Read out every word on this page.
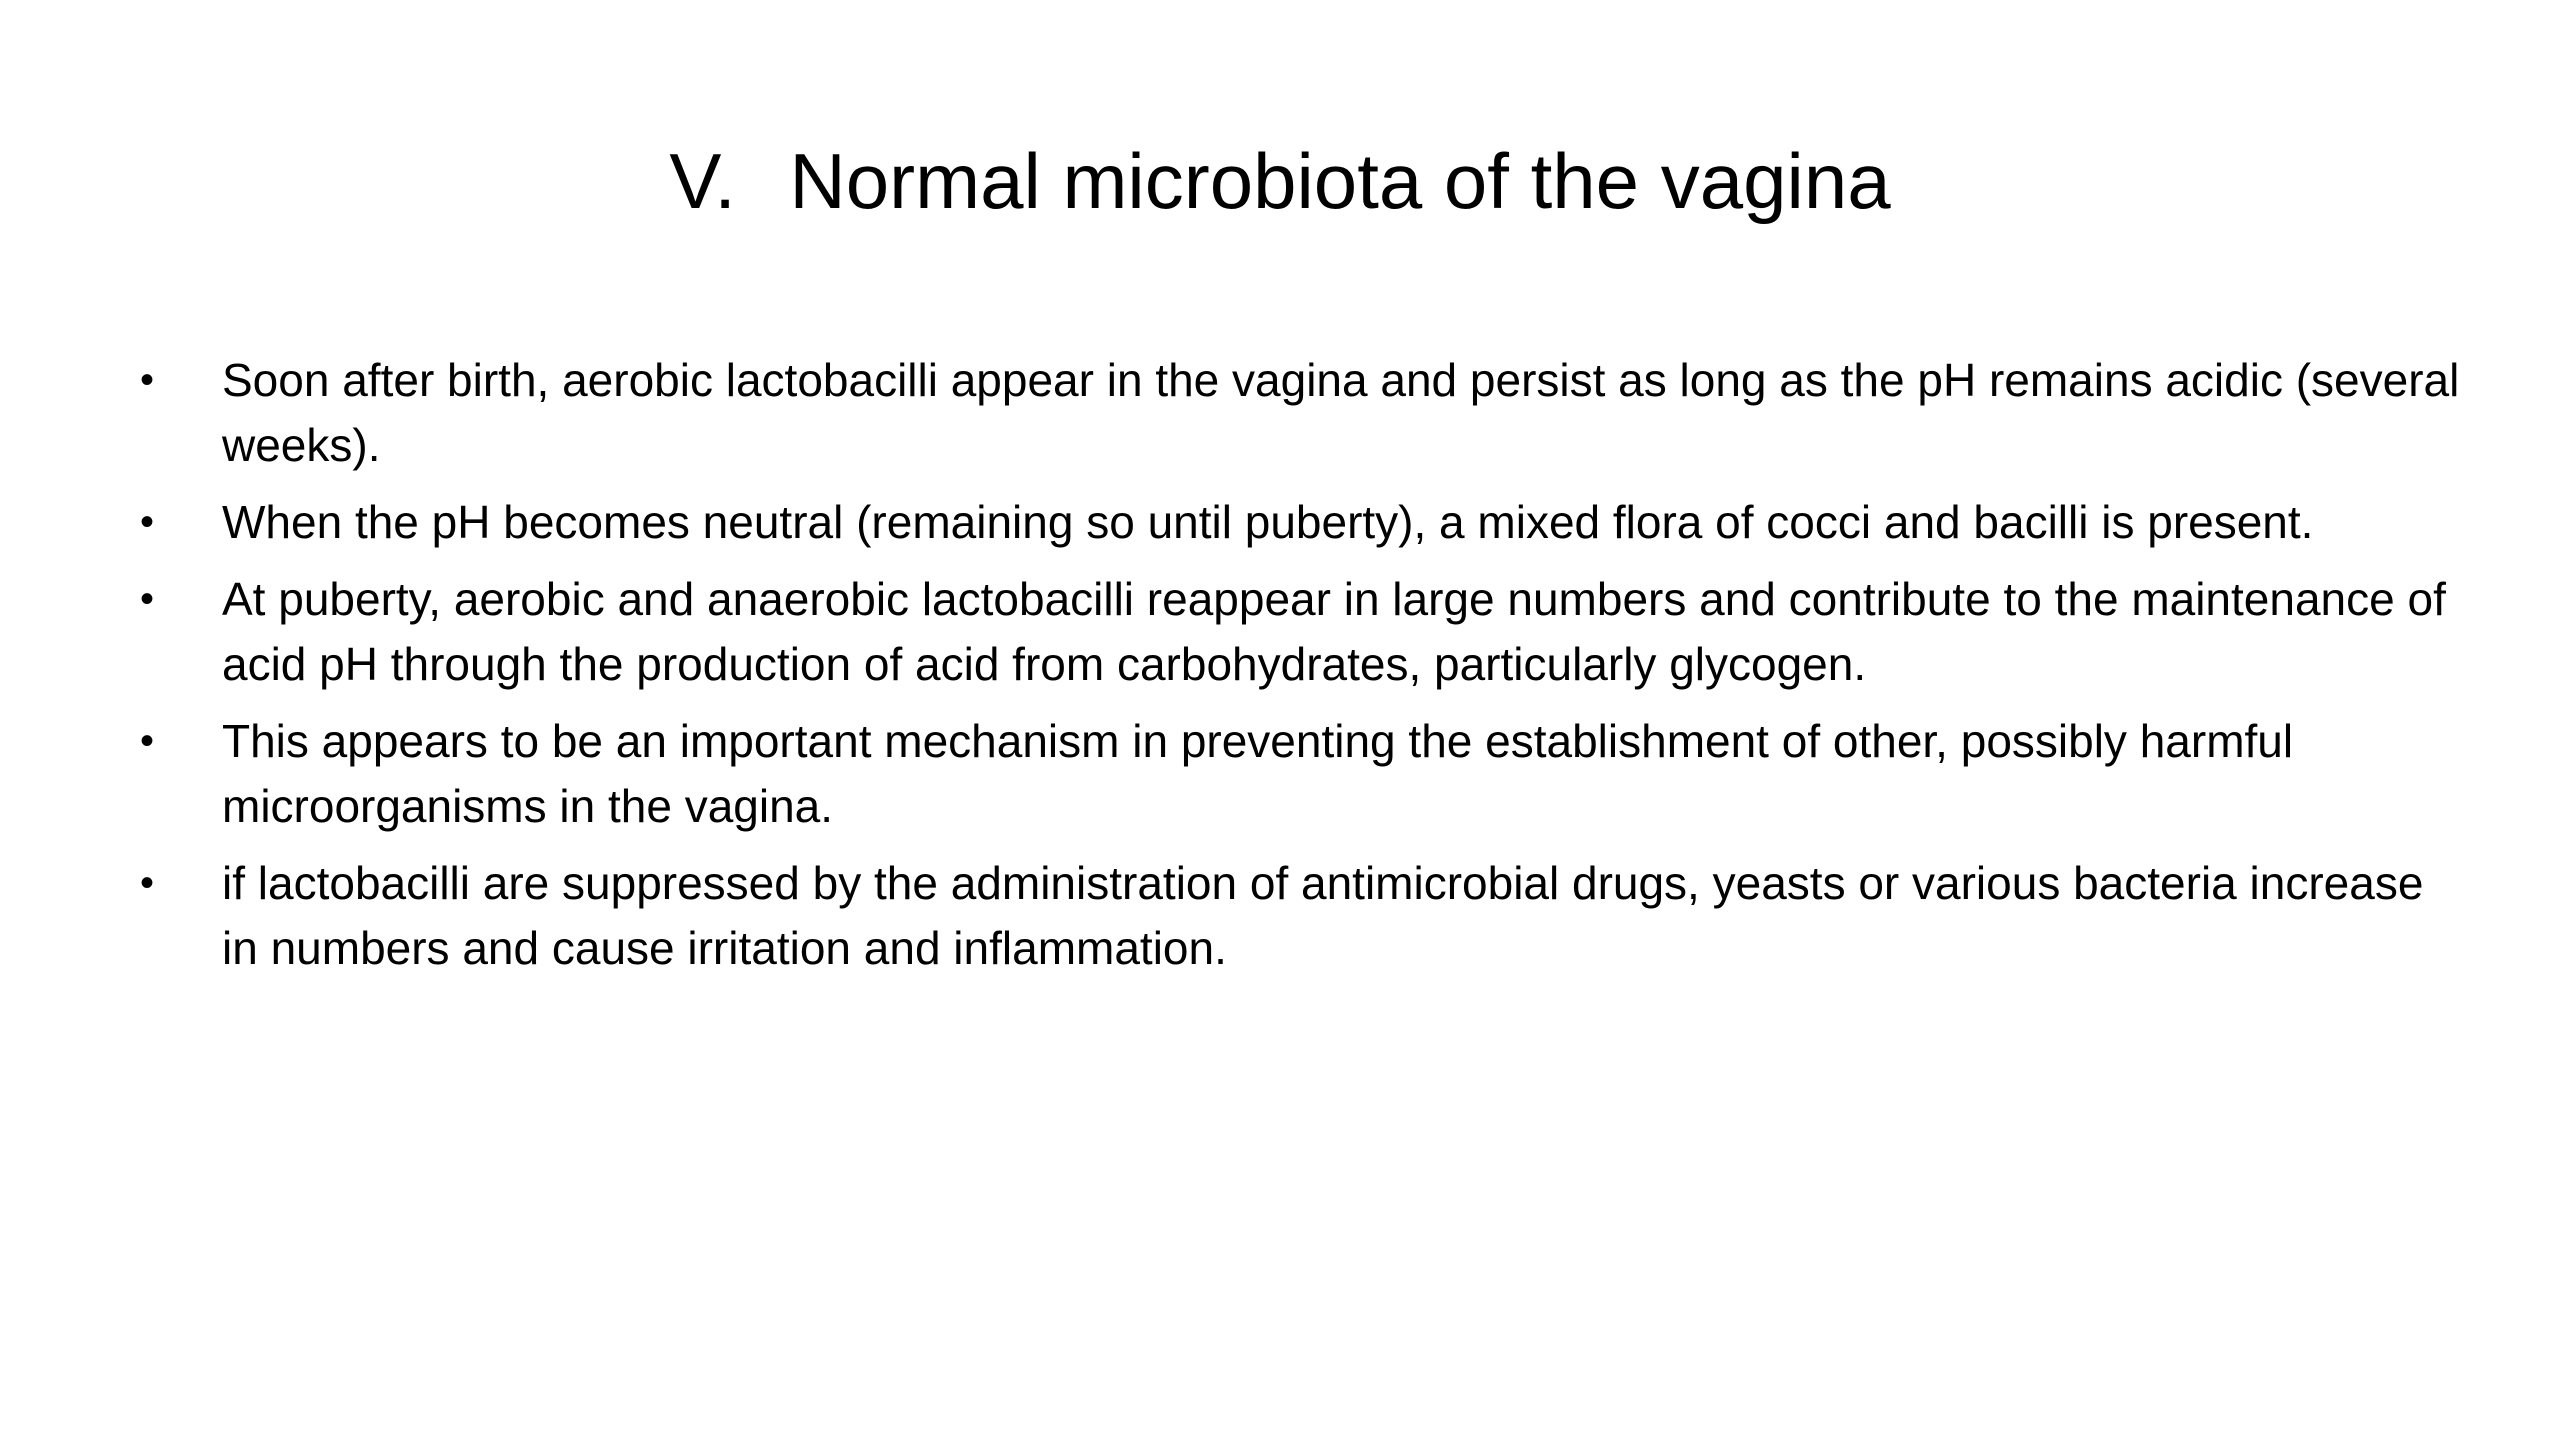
V. Normal microbiota of the vagina
•	Soon after birth, aerobic lactobacilli appear in the vagina and persist as long as the pH remains acidic (several weeks).
•	When the pH becomes neutral (remaining so until puberty), a mixed flora of cocci and bacilli is present.
•	At puberty, aerobic and anaerobic lactobacilli reappear in large numbers and contribute to the maintenance of acid pH through the production of acid from carbohydrates, particularly glycogen.
•	This appears to be an important mechanism in preventing the establishment of other, possibly harmful microorganisms in the vagina.
•	if lactobacilli are suppressed by the administration of antimicrobial drugs, yeasts or various bacteria increase in numbers and cause irritation and inflammation.
